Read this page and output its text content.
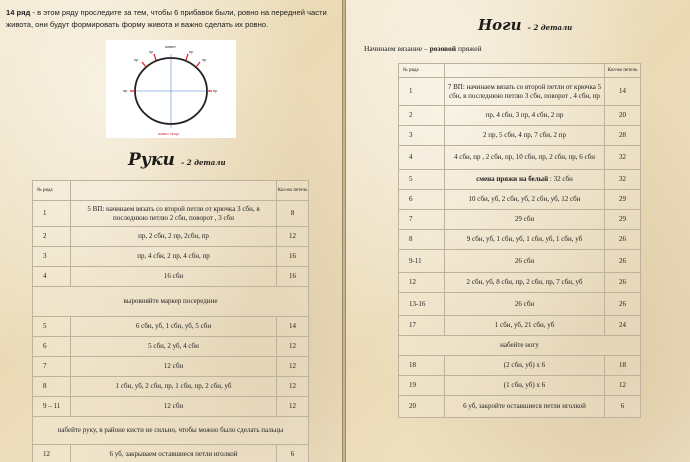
14 ряд - в этом ряду проследите за тем, чтобы 6 прибавок были, ровно на передней части живота, они будут формировать форму живота и важно сделать их ровно.
живот
живот лицо
пр	пр
пр	пр
пр	пр
Руки – 2 детали
№ ряда		Кол-во петель
1	5 ВП: начинаем вязать со второй петли от крючка 3 сбн, в последнюю петлю 2 сбн, поворот , 3 сбн	8
2	пр, 2 сбн, 2 пр, 2сбн, пр	12
3	пр, 4 сбн, 2 пр, 4 сбн, пр	16
4	16 сбн	16
выровняйте маркер посередине		
5	6 сбн, уб, 1 сбн, уб, 5 сбн	14
6	5 сбн, 2 уб, 4 сбн	12
7	12 сбн	12
8	1 сбн, уб, 2 сбн, пр, 1 сбн, пр, 2 сбн, уб	12
9 – 11	12 сбн	12
набейте руку, в районе кисти не сильно, чтобы можно было сделать пальцы		
12	6 уб, закрываем оставшиеся петли иголкой	6
Ноги – 2 детали
Начинаем вязание – розовой пряжей
№ ряда		Кол-во петель
1	7 ВП: начинаем вязать со второй петли от крючка 5 сбн, в последнюю петлю 3 сбн, поворот , 4 сбн, пр	14
2	пр, 4 сбн, 3 пр, 4 сбн, 2 пр	20
3	2 пр, 5 сбн, 4 пр, 7 сбн, 2 пр	28
4	4 сбн, пр , 2 сбн, пр, 10 сбн, пр, 2 сбн, пр, 6 сбн	32
5	смена пряжи на белый : 32 сбн	32
6	10 сбн, уб, 2 сбн, уб, 2 сбн, уб, 12 сбн	29
7	29 сбн	29
8	9 сбн, уб, 1 сбн, уб, 1 сбн, уб, 1 сбн, уб	26
9-11	26 сбн	26
12	2 сбн, уб, 8 сбн, пр, 2 сбн, пр, 7 сбн, уб	26
13-16	26 сбн	26
17	1 сбн, уб, 21 сбн, уб	24
набейте ногу		
18	(2 сбн, уб) х 6	18
19	(1 сбн, уб) х 6	12
20	6 уб, закройте оставшиеся петли иголкой	6
